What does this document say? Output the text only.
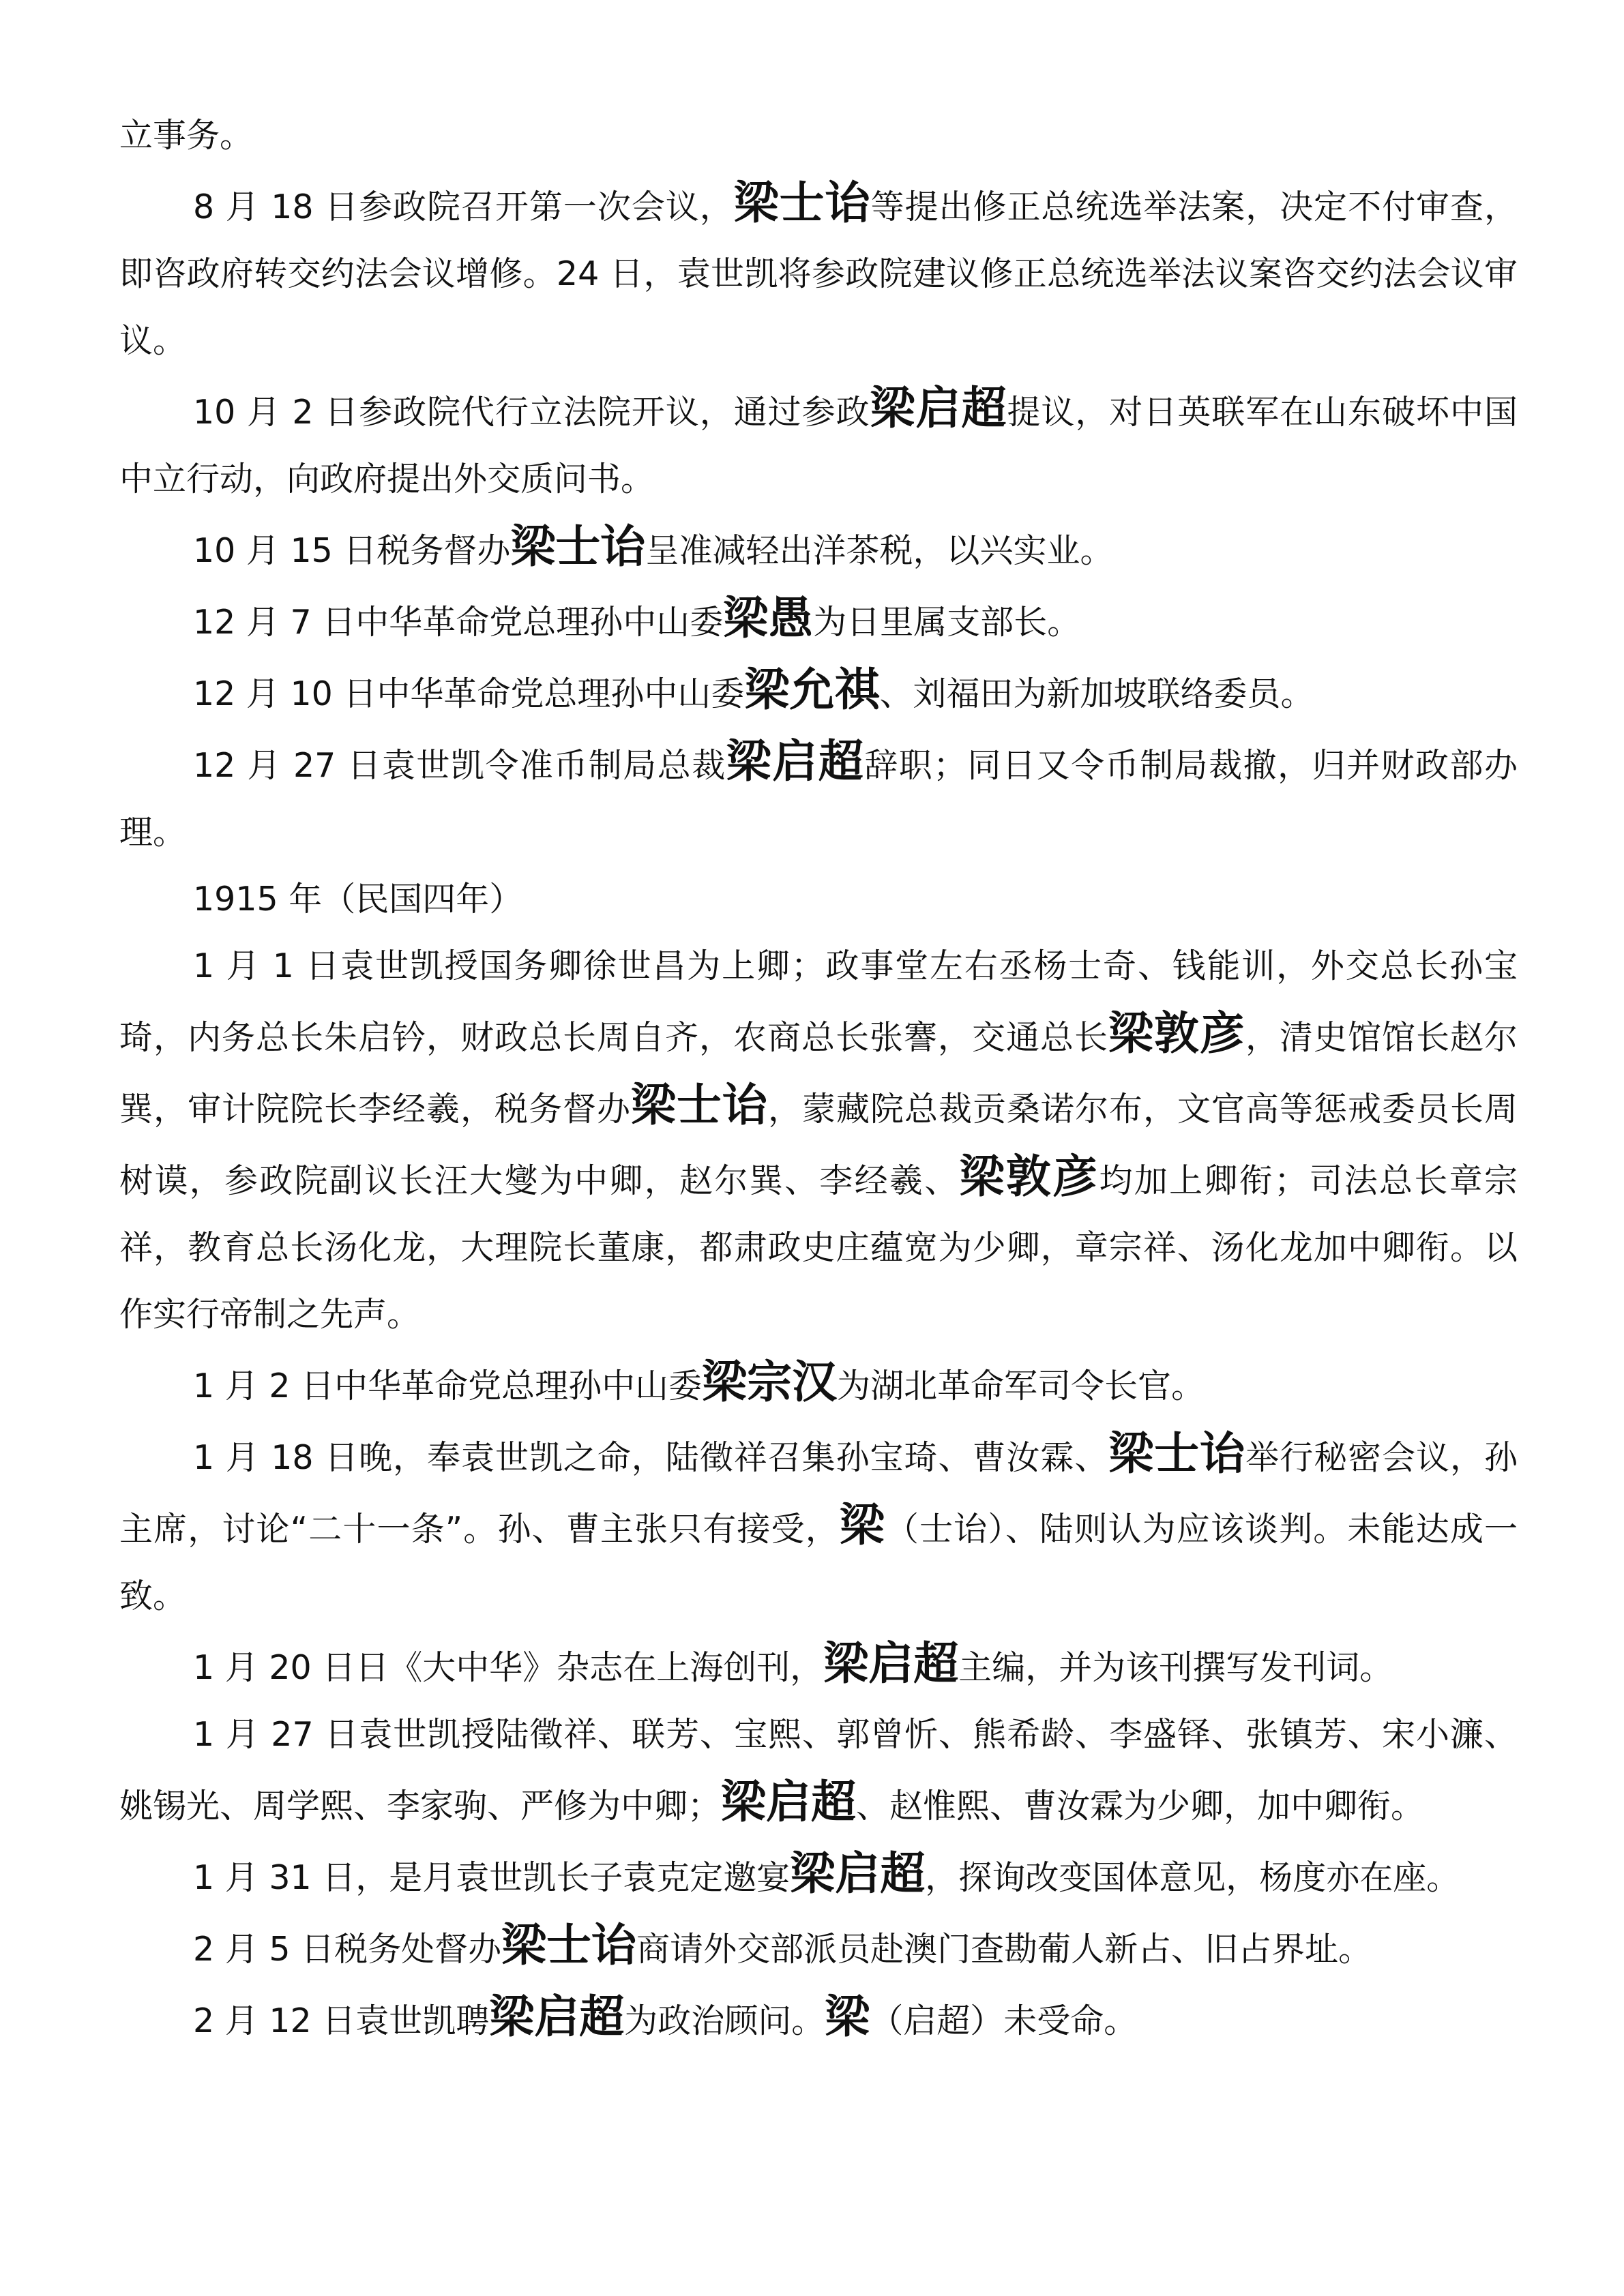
立事务。

8 月 18 日参政院召开第一次会议，梁士诒等提出修正总统选举法案，决定不付审查，即咨政府转交约法会议增修。24 日，袁世凯将参政院建议修正总统选举法议案咨交约法会议审议。

10 月 2 日参政院代行立法院开议，通过参政梁启超提议，对日英联军在山东破坏中国中立行动，向政府提出外交质问书。

10 月 15 日税务督办梁士诒呈准减轻出洋茶税，以兴实业。

12 月 7 日中华革命党总理孙中山委梁愚为日里属支部长。

12 月 10 日中华革命党总理孙中山委梁允祺、刘福田为新加坡联络委员。

12 月 27 日袁世凯令准币制局总裁梁启超辞职；同日又令币制局裁撤，归并财政部办理。

1915 年（民国四年）

1 月 1 日袁世凯授国务卿徐世昌为上卿；政事堂左右丞杨士奇、钱能训，外交总长孙宝琦，内务总长朱启钤，财政总长周自齐，农商总长张謇，交通总长梁敦彦，清史馆馆长赵尔巽，审计院院长李经羲，税务督办梁士诒，蒙藏院总裁贡桑诺尔布，文官高等惩戒委员长周树谟，参政院副议长汪大燮为中卿，赵尔巽、李经羲、梁敦彦均加上卿衔；司法总长章宗祥，教育总长汤化龙，大理院长董康，都肃政史庄蕴宽为少卿，章宗祥、汤化龙加中卿衔。以作实行帝制之先声。

1 月 2 日中华革命党总理孙中山委梁宗汉为湖北革命军司令长官。

1 月 18 日晚，奉袁世凯之命，陆徵祥召集孙宝琦、曹汝霖、梁士诒举行秘密会议，孙主席，讨论“二十一条”。孙、曹主张只有接受，梁（士诒）、陆则认为应该谈判。未能达成一致。

1 月 20 日日《大中华》杂志在上海创刊，梁启超主编，并为该刊撰写发刊词。

1 月 27 日袁世凯授陆徵祥、联芳、宝熙、郭曾忻、熊希龄、李盛铎、张镇芳、宋小濂、姚锡光、周学熙、李家驹、严修为中卿；梁启超、赵惟熙、曹汝霖为少卿，加中卿衔。

1 月 31 日，是月袁世凯长子袁克定邀宴梁启超，探询改变国体意见，杨度亦在座。

2 月 5 日税务处督办梁士诒商请外交部派员赴澳门查勘葡人新占、旧占界址。

2 月 12 日袁世凯聘梁启超为政治顾问。梁（启超）未受命。
